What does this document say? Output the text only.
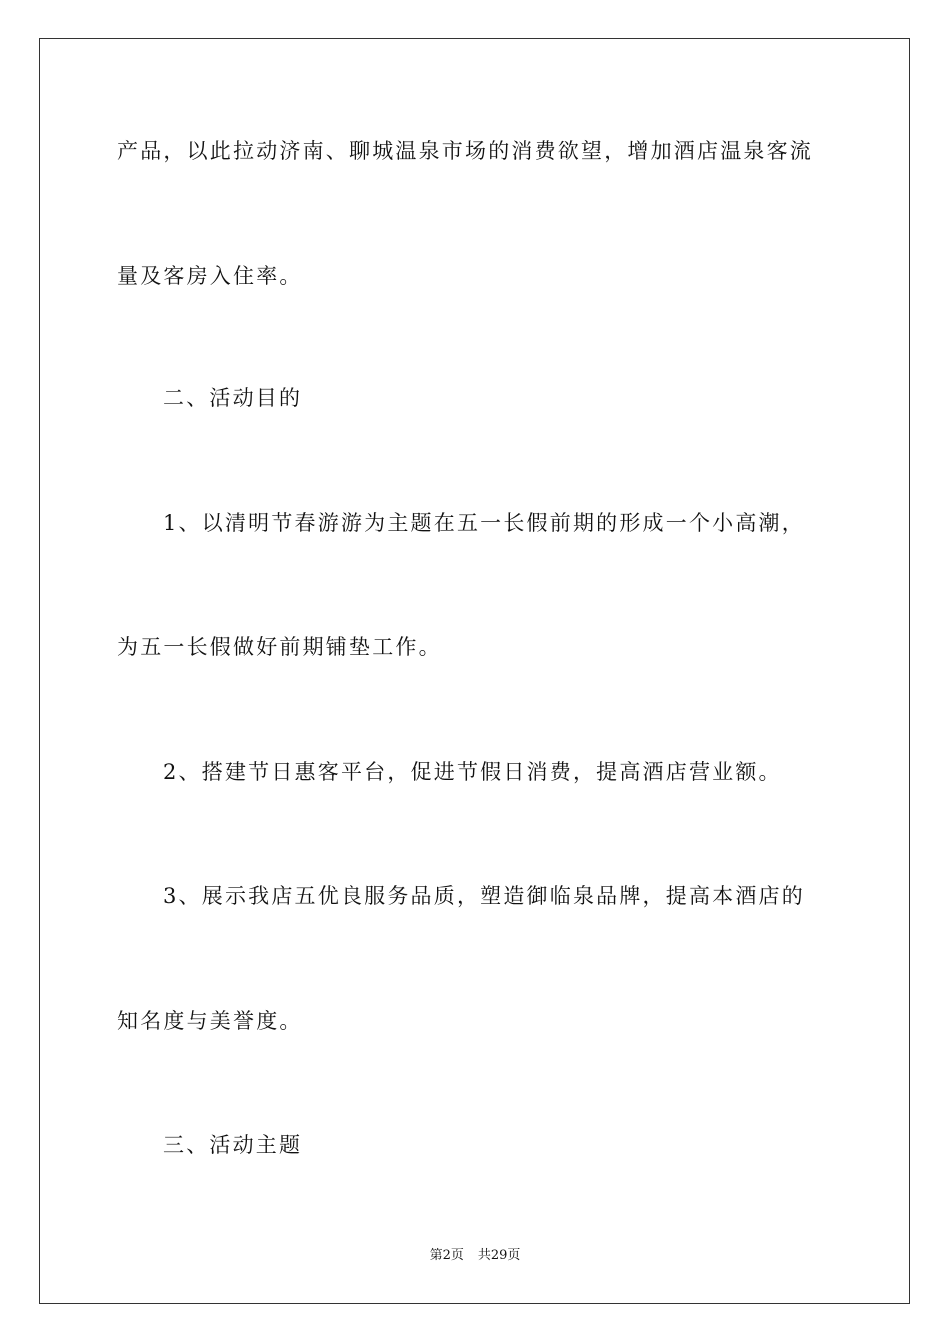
产品，以此拉动济南、聊城温泉市场的消费欲望，增加酒店温泉客流
量及客房入住率。
二、活动目的
1、以清明节春游游为主题在五一长假前期的形成一个小高潮，
为五一长假做好前期铺垫工作。
2、搭建节日惠客平台，促进节假日消费，提高酒店营业额。
3、展示我店五优良服务品质，塑造御临泉品牌，提高本酒店的
知名度与美誉度。
三、活动主题
第2页 共29页
